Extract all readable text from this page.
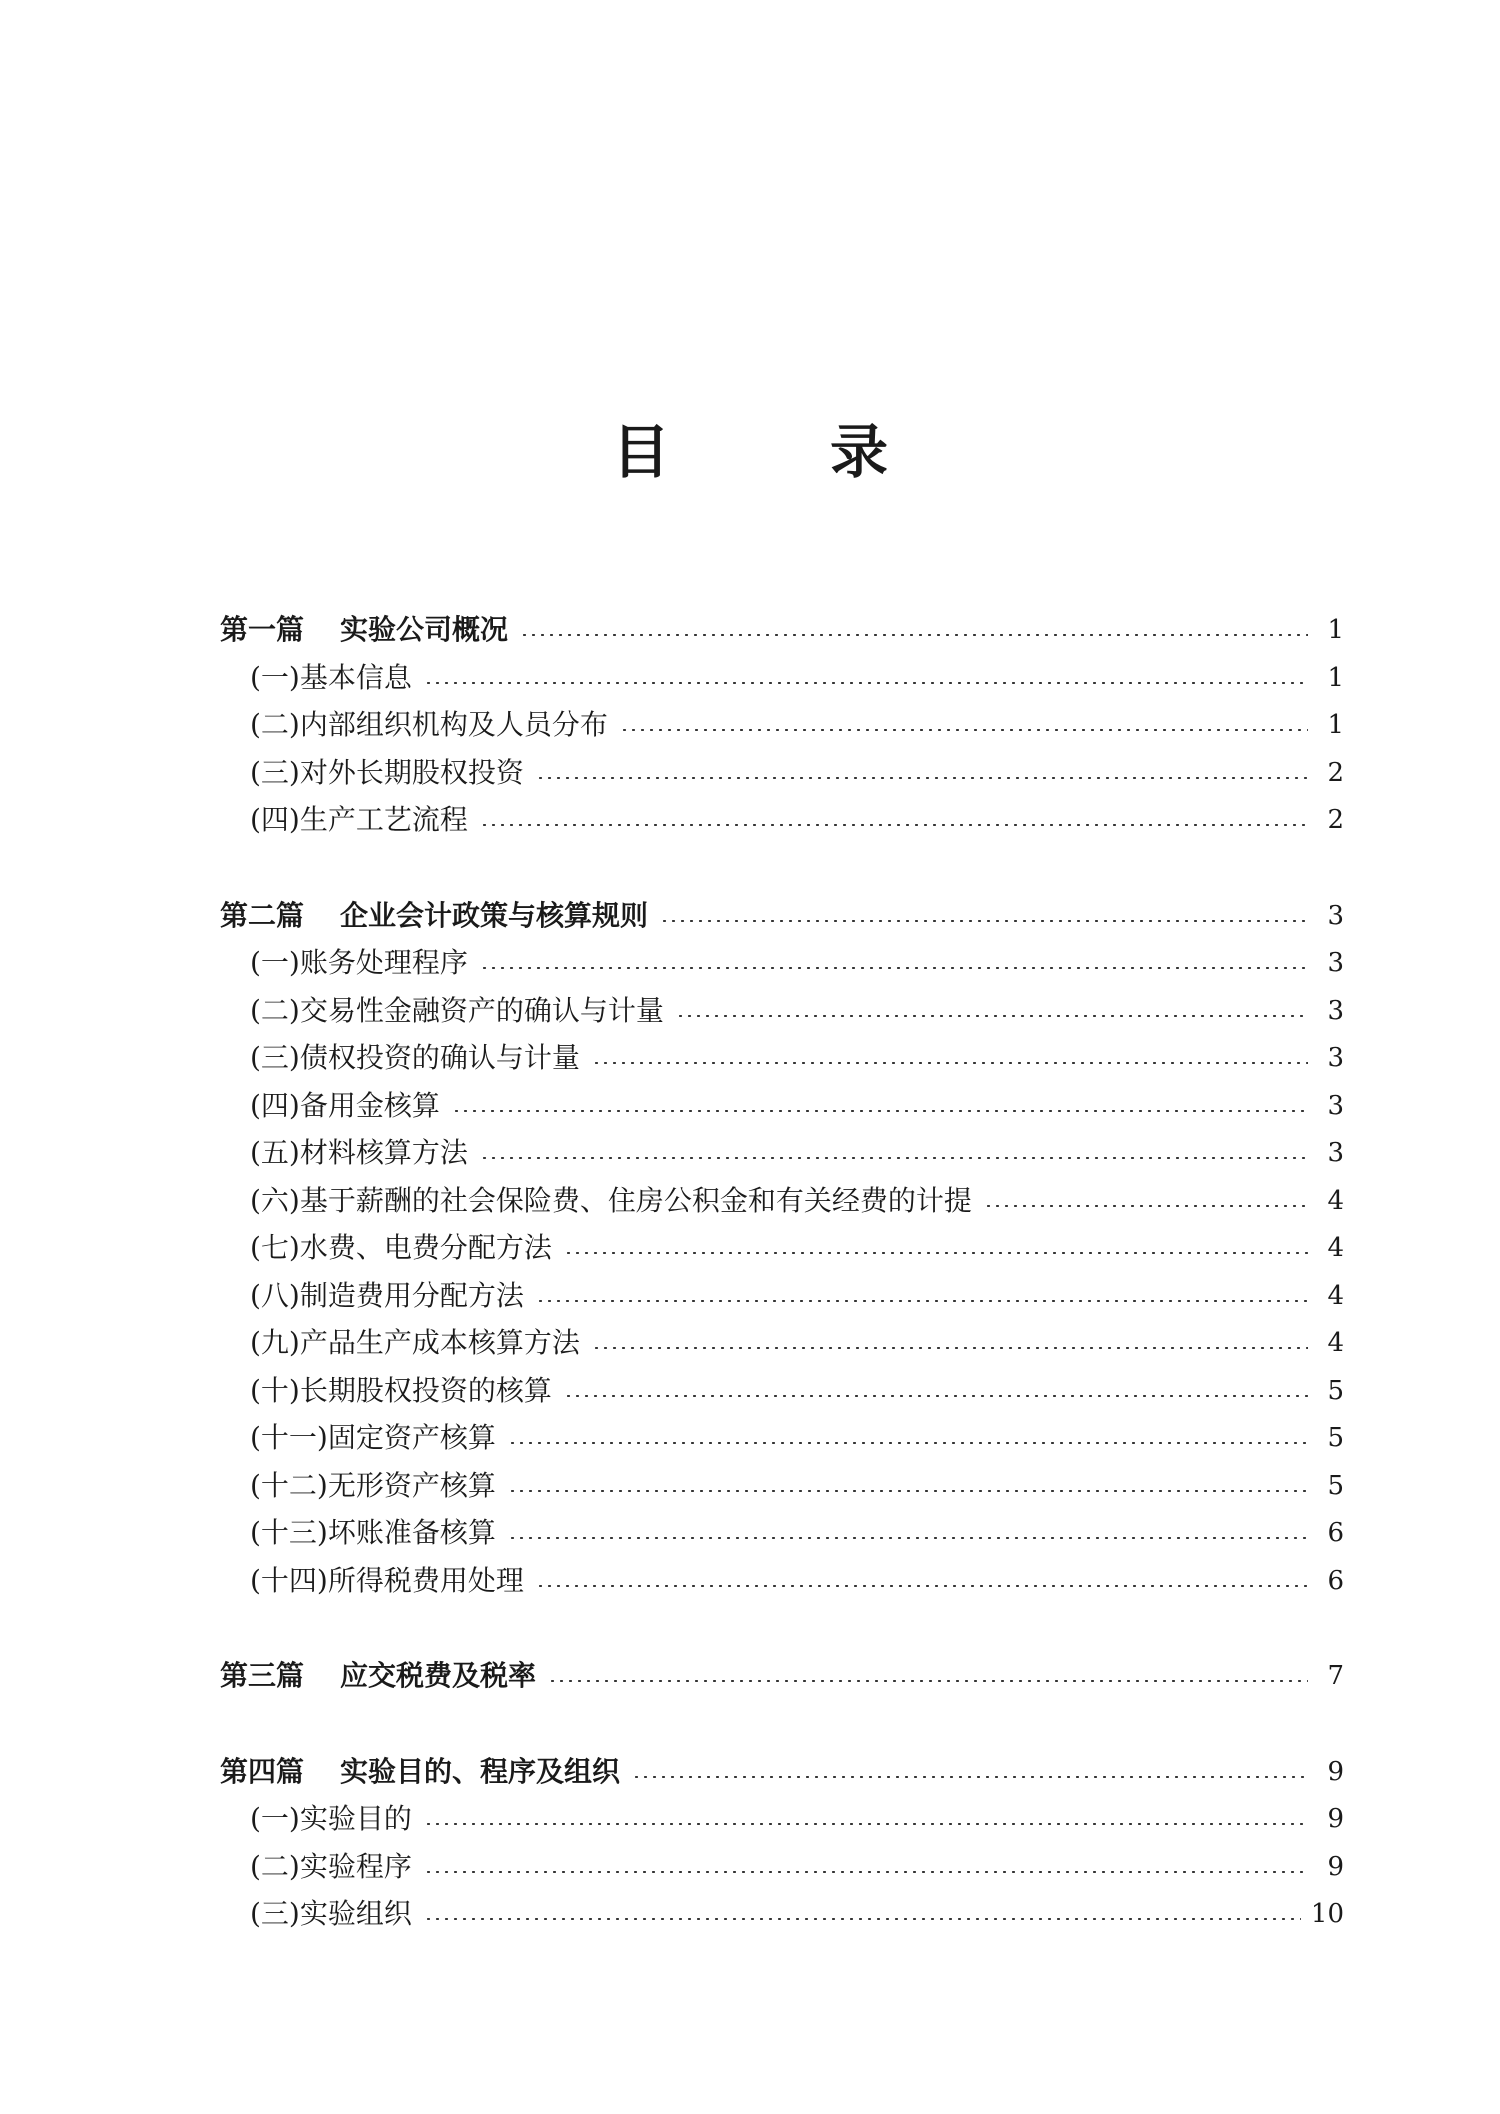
目	录
第一篇	实验公司概况	1
(一)基本信息	1
(二)内部组织机构及人员分布	1
(三)对外长期股权投资	2
(四)生产工艺流程	2
第二篇	企业会计政策与核算规则	3
(一)账务处理程序	3
(二)交易性金融资产的确认与计量	3
(三)债权投资的确认与计量	3
(四)备用金核算	3
(五)材料核算方法	3
(六)基于薪酬的社会保险费、住房公积金和有关经费的计提	4
(七)水费、电费分配方法	4
(八)制造费用分配方法	4
(九)产品生产成本核算方法	4
(十)长期股权投资的核算	5
(十一)固定资产核算	5
(十二)无形资产核算	5
(十三)坏账准备核算	6
(十四)所得税费用处理	6
第三篇	应交税费及税率	7
第四篇	实验目的、程序及组织	9
(一)实验目的	9
(二)实验程序	9
(三)实验组织	10
